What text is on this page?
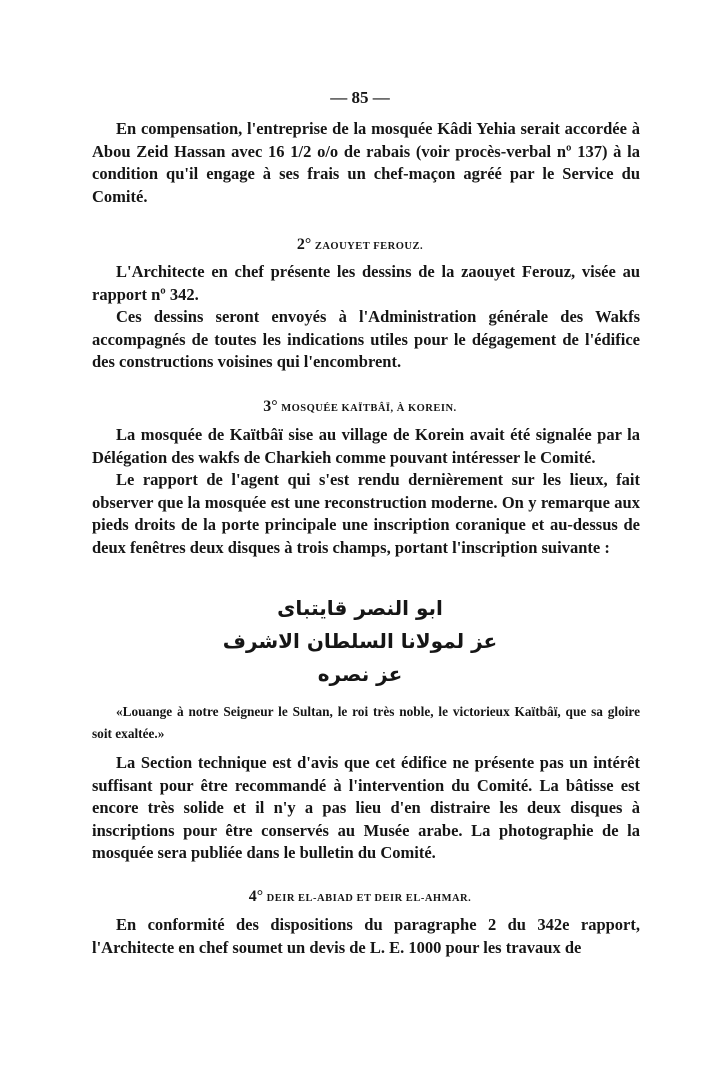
— 85 —

En compensation, l'entreprise de la mosquée Kâdi Yehia serait accordée à Abou Zeid Hassan avec 16 1/2 o/o de rabais (voir procès-verbal nº 137) à la condition qu'il engage à ses frais un chef-maçon agréé par le Service du Comité.

2° ZAOUYET FEROUZ.

L'Architecte en chef présente les dessins de la zaouyet Ferouz, visée au rapport nº 342.

Ces dessins seront envoyés à l'Administration générale des Wakfs accompagnés de toutes les indications utiles pour le dégagement de l'édifice des constructions voisines qui l'encombrent.

3° MOSQUÉE KAÏTBÂÏ, À KOREIN.

La mosquée de Kaïtbâï sise au village de Korein avait été signalée par la Délégation des wakfs de Charkieh comme pouvant intéresser le Comité.

Le rapport de l'agent qui s'est rendu dernièrement sur les lieux, fait observer que la mosquée est une reconstruction moderne. On y remarque aux pieds droits de la porte principale une inscription coranique et au-dessus de deux fenêtres deux disques à trois champs, portant l'inscription suivante :

ابو النصر قايتباى
عز لمولانا السلطان الاشرف
عز نصره

«Louange à notre Seigneur le Sultan, le roi très noble, le victorieux Kaïtbâï, que sa gloire soit exaltée.»

La Section technique est d'avis que cet édifice ne présente pas un intérêt suffisant pour être recommandé à l'intervention du Comité. La bâtisse est encore très solide et il n'y a pas lieu d'en distraire les deux disques à inscriptions pour être conservés au Musée arabe. La photographie de la mosquée sera publiée dans le bulletin du Comité.

4° DEIR EL-ABIAD ET DEIR EL-AHMAR.

En conformité des dispositions du paragraphe 2 du 342e rapport, l'Architecte en chef soumet un devis de L. E. 1000 pour les travaux de
